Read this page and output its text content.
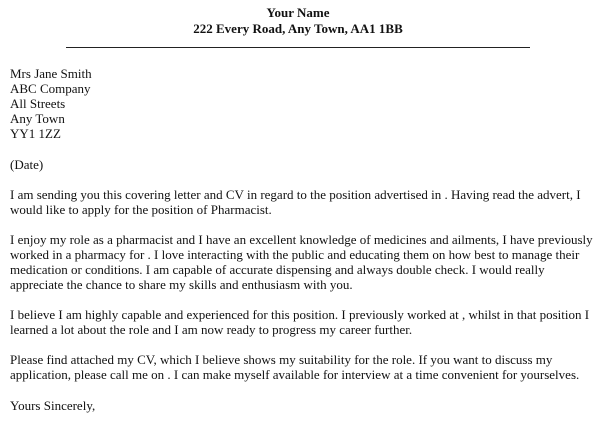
Your Name
222 Every Road, Any Town, AA1 1BB
Mrs Jane Smith
ABC Company
All Streets
Any Town
YY1 1ZZ
(Date)

I am sending you this covering letter and CV in regard to the position advertised in . Having read the advert, I would like to apply for the position of Pharmacist.

I enjoy my role as a pharmacist and I have an excellent knowledge of medicines and ailments, I have previously worked in a pharmacy for . I love interacting with the public and educating them on how best to manage their medication or conditions. I am capable of accurate dispensing and always double check. I would really appreciate the chance to share my skills and enthusiasm with you.

I believe I am highly capable and experienced for this position. I previously worked at , whilst in that position I learned a lot about the role and I am now ready to progress my career further.

Please find attached my CV, which I believe shows my suitability for the role. If you want to discuss my application, please call me on . I can make myself available for interview at a time convenient for yourselves.

Yours Sincerely,
